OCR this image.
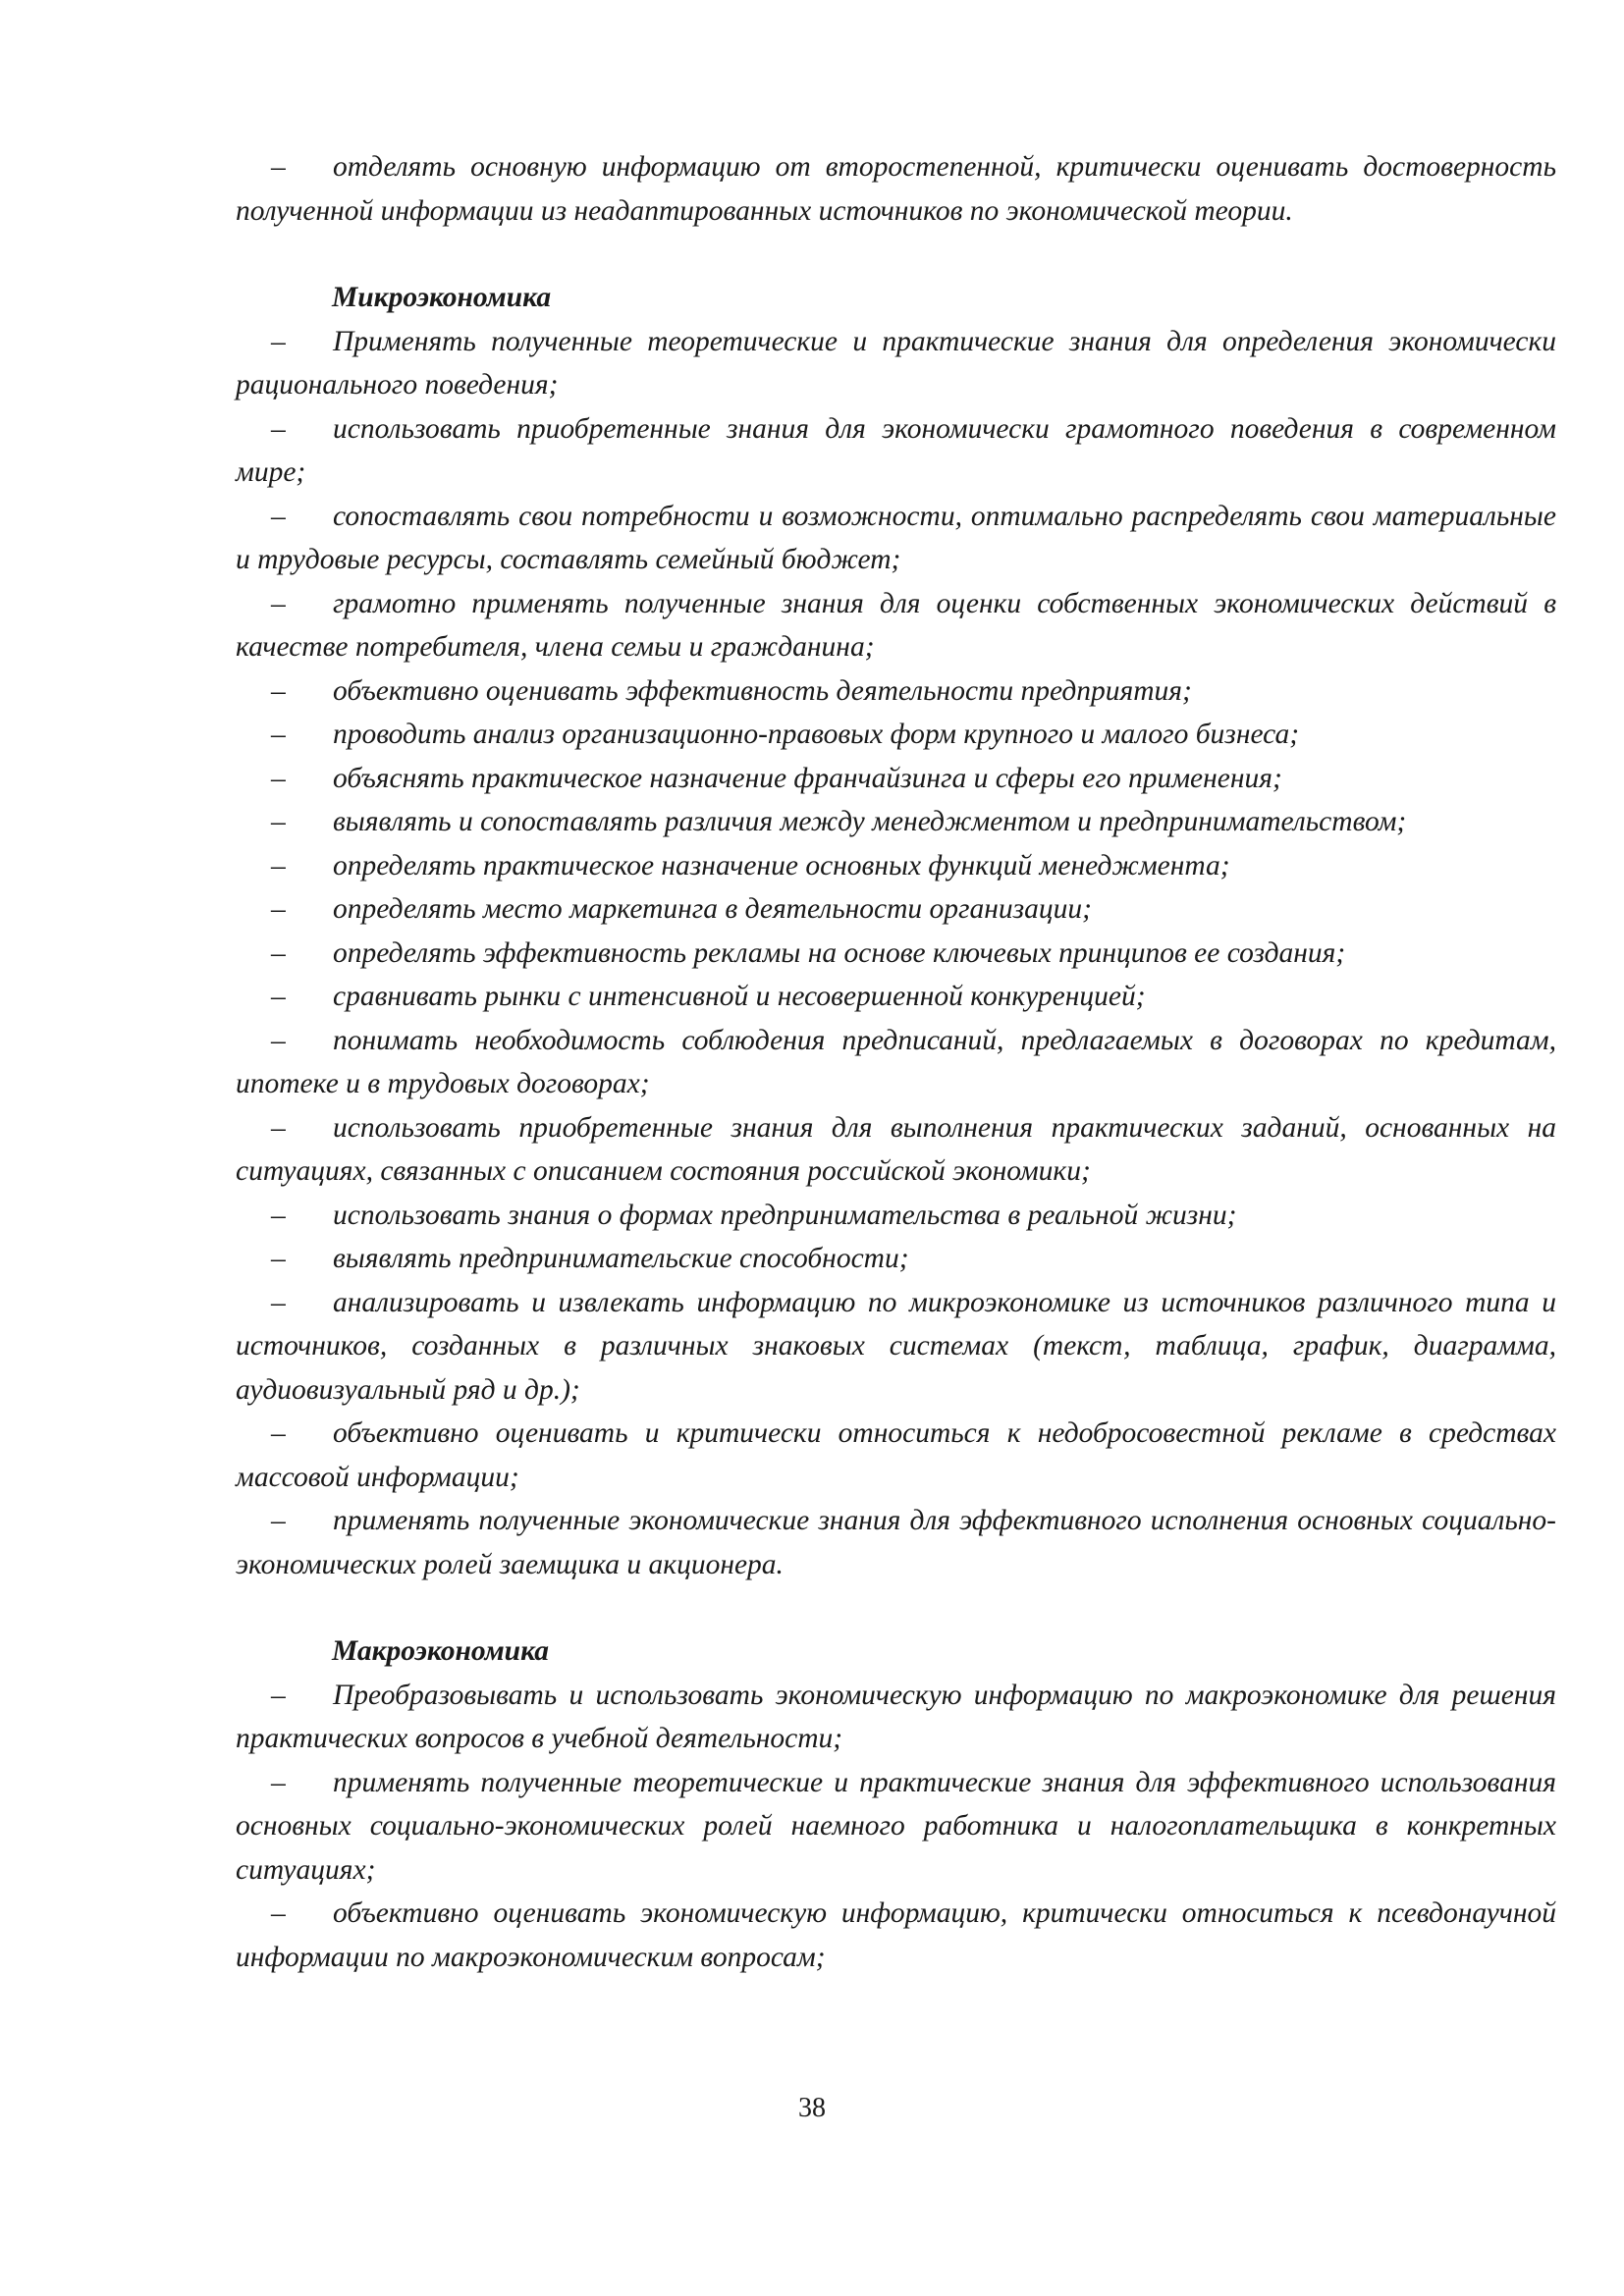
– отделять основную информацию от второстепенной, критически оценивать достоверность полученной информации из неадаптированных источников по экономической теории.

Микроэкономика

– Применять полученные теоретические и практические знания для определения экономически рационального поведения;

– использовать приобретенные знания для экономически грамотного поведения в современном мире;

– сопоставлять свои потребности и возможности, оптимально распределять свои материальные и трудовые ресурсы, составлять семейный бюджет;

– грамотно применять полученные знания для оценки собственных экономических действий в качестве потребителя, члена семьи и гражданина;

– объективно оценивать эффективность деятельности предприятия;

– проводить анализ организационно-правовых форм крупного и малого бизнеса;

– объяснять практическое назначение франчайзинга и сферы его применения;

– выявлять и сопоставлять различия между менеджментом и предпринимательством;

– определять практическое назначение основных функций менеджмента;

– определять место маркетинга в деятельности организации;

– определять эффективность рекламы на основе ключевых принципов ее создания;

– сравнивать рынки с интенсивной и несовершенной конкуренцией;

– понимать необходимость соблюдения предписаний, предлагаемых в договорах по кредитам, ипотеке и в трудовых договорах;

– использовать приобретенные знания для выполнения практических заданий, основанных на ситуациях, связанных с описанием состояния российской экономики;

– использовать знания о формах предпринимательства в реальной жизни;

– выявлять предпринимательские способности;

– анализировать и извлекать информацию по микроэкономике из источников различного типа и источников, созданных в различных знаковых системах (текст, таблица, график, диаграмма, аудиовизуальный ряд и др.);

– объективно оценивать и критически относиться к недобросовестной рекламе в средствах массовой информации;

– применять полученные экономические знания для эффективного исполнения основных социально-экономических ролей заемщика и акционера.

Макроэкономика

– Преобразовывать и использовать экономическую информацию по макроэкономике для решения практических вопросов в учебной деятельности;

– применять полученные теоретические и практические знания для эффективного использования основных социально-экономических ролей наемного работника и налогоплательщика в конкретных ситуациях;

– объективно оценивать экономическую информацию, критически относиться к псевдонаучной информации по макроэкономическим вопросам;

38
